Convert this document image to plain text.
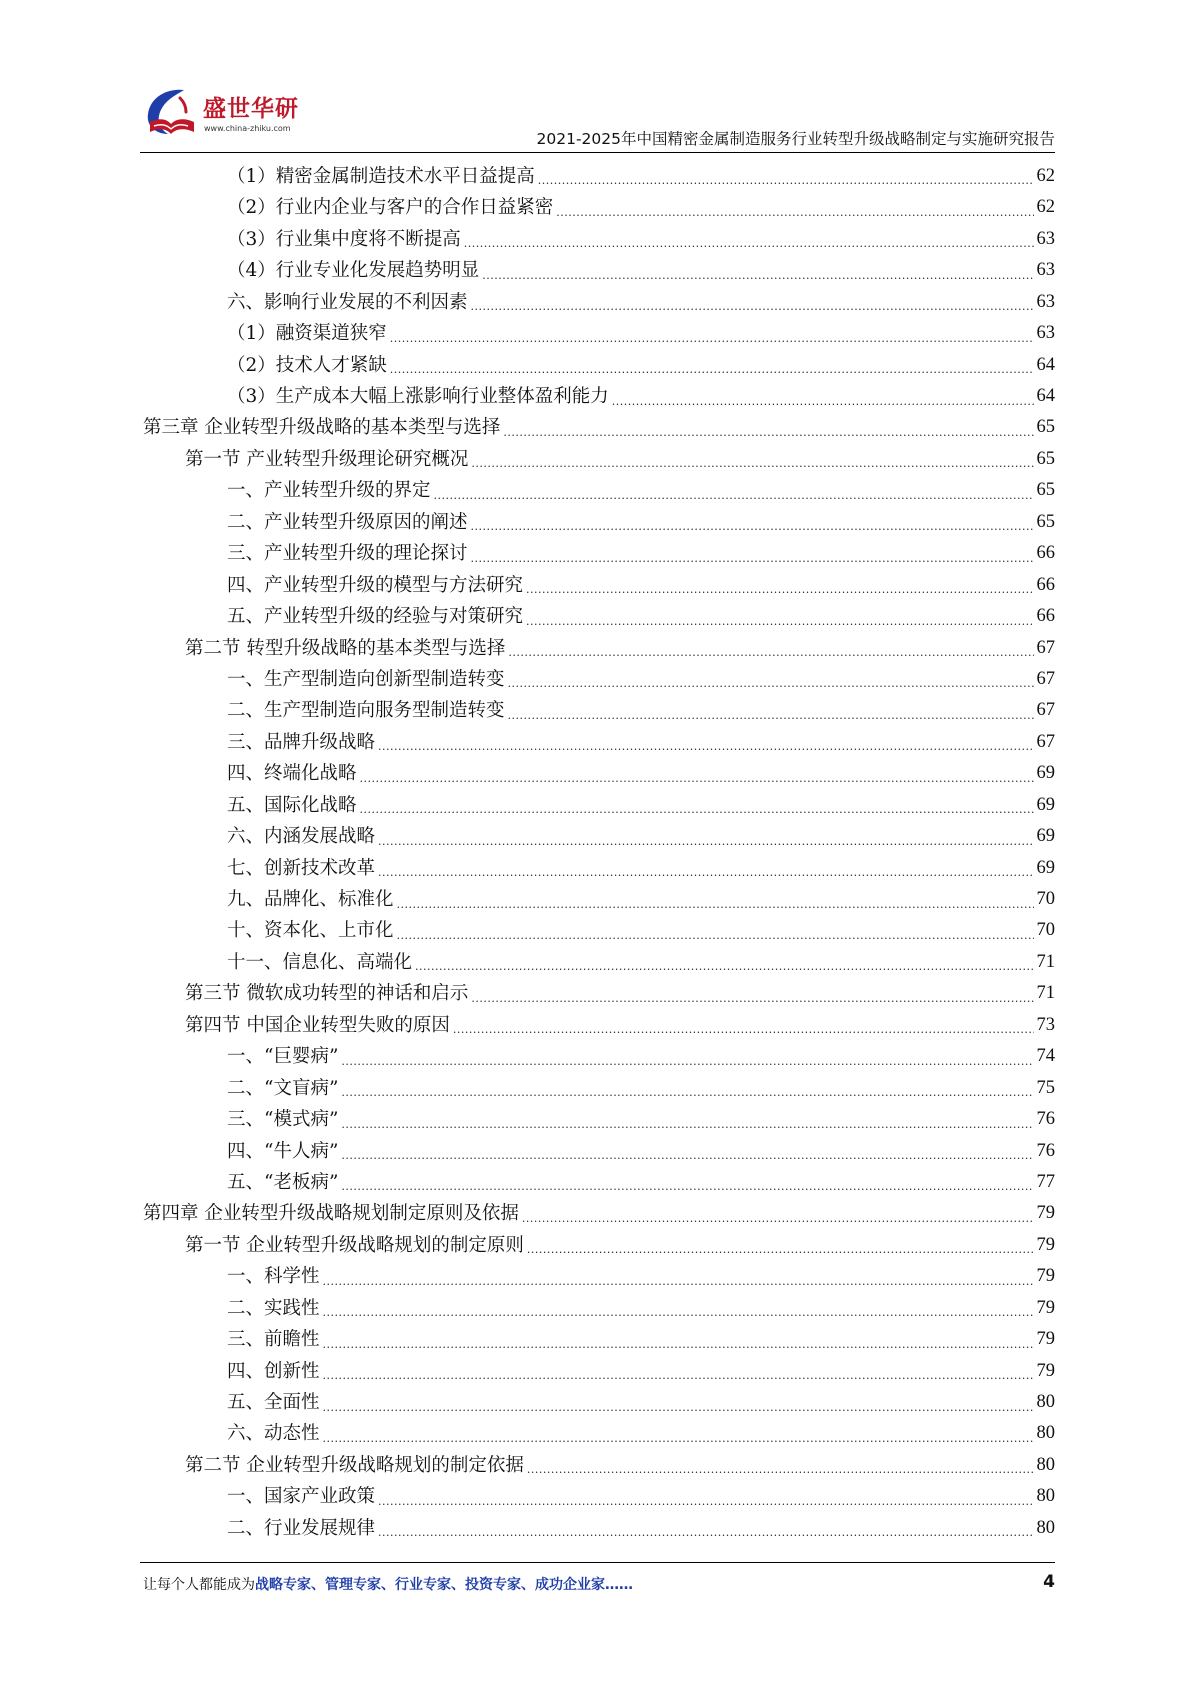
盛世华研
www.china-zhiku.com
2021-2025年中国精密金属制造服务行业转型升级战略制定与实施研究报告
（1）精密金属制造技术水平日益提高 .....	62
（2）行业内企业与客户的合作日益紧密 .....	62
（3）行业集中度将不断提高 .....	63
（4）行业专业化发展趋势明显 .....	63
六、影响行业发展的不利因素 .....	63
（1）融资渠道狭窄 .....	63
（2）技术人才紧缺 .....	64
（3）生产成本大幅上涨影响行业整体盈利能力 .....	64
第三章 企业转型升级战略的基本类型与选择 .....	65
第一节 产业转型升级理论研究概况 .....	65
一、产业转型升级的界定 .....	65
二、产业转型升级原因的阐述 .....	65
三、产业转型升级的理论探讨 .....	66
四、产业转型升级的模型与方法研究 .....	66
五、产业转型升级的经验与对策研究 .....	66
第二节 转型升级战略的基本类型与选择 .....	67
一、生产型制造向创新型制造转变 .....	67
二、生产型制造向服务型制造转变 .....	67
三、品牌升级战略 .....	67
四、终端化战略 .....	69
五、国际化战略 .....	69
六、内涵发展战略 .....	69
七、创新技术改革 .....	69
九、品牌化、标准化 .....	70
十、资本化、上市化 .....	70
十一、信息化、高端化 .....	71
第三节 微软成功转型的神话和启示 .....	71
第四节 中国企业转型失败的原因 .....	73
一、“巨婴病” .....	74
二、“文盲病” .....	75
三、“模式病” .....	76
四、“牛人病” .....	76
五、“老板病” .....	77
第四章 企业转型升级战略规划制定原则及依据 .....	79
第一节 企业转型升级战略规划的制定原则 .....	79
一、科学性 .....	79
二、实践性 .....	79
三、前瞻性 .....	79
四、创新性 .....	79
五、全面性 .....	80
六、动态性 .....	80
第二节 企业转型升级战略规划的制定依据 .....	80
一、国家产业政策 .....	80
二、行业发展规律 .....	80
让每个人都能成为战略专家、管理专家、行业专家、投资专家、成功企业家……	4
